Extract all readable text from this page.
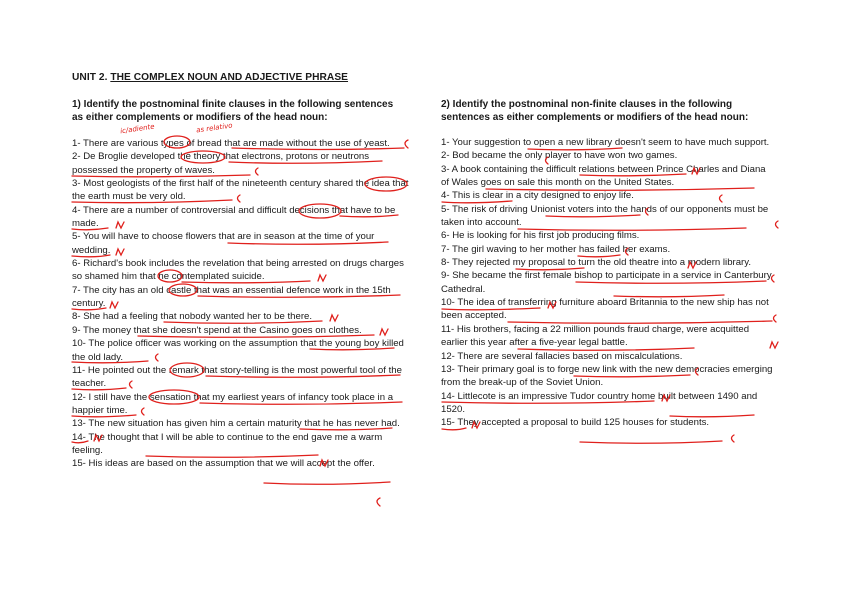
UNIT 2. THE COMPLEX NOUN AND ADJECTIVE PHRASE

1) Identify the postnominal finite clauses in the following sentences
as either complements or modifiers of the head noun:

1- There are various types of bread that are made without the use of yeast.

2- De Broglie developed the theory that electrons, protons or neutrons possessed the property of waves.

3- Most geologists of the first half of the nineteenth century shared the idea that the earth must be very old.

4- There are a number of controversial and difficult decisions that have to be made.

5- You will have to choose flowers that are in season at the time of your wedding.

6- Richard's book includes the revelation that being arrested on drugs charges so shamed him that he contemplated suicide.

7- The city has an old castle that was an essential defence work in the 15th century.

8- She had a feeling that nobody wanted her to be there.

9- The money that she doesn't spend at the Casino goes on clothes.

10- The police officer was working on the assumption that the young boy killed the old lady.

11- He pointed out the remark that story-telling is the most powerful tool of the teacher.

12- I still have the sensation that my earliest years of infancy took place in a happier time.

13- The new situation has given him a certain maturity that he has never had.

14- The thought that I will be able to continue to the end gave me a warm feeling.

15- His ideas are based on the assumption that we will accept the offer.

2) Identify the postnominal non-finite clauses in the following
sentences as either complements or modifiers of the head noun:

1- Your suggestion to open a new library doesn't seem to have much support.

2- Bod became the only player to have won two games.

3- A book containing the difficult relations between Prince Charles and Diana of Wales goes on sale this month on the United States.

4- This is clear in a city designed to enjoy life.

5- The risk of driving Unionist voters into the hands of our opponents must be taken into account.

6- He is looking for his first job producing films.

7- The girl waving to her mother has failed her exams.

8- They rejected my proposal to turn the old theatre into a modern library.

9- She became the first female bishop to participate in a service in Canterbury Cathedral.

10- The idea of transferring furniture aboard Britannia to the new ship has not been accepted.

11- His brothers, facing a 22 million pounds fraud charge, were acquitted earlier this year after a five-year legal battle.

12- There are several fallacies based on miscalculations.

13- Their primary goal is to forge new link with the new democracies emerging from the break-up of the Soviet Union.

14- Littlecote is an impressive Tudor country home built between 1490 and 1520.

15- They accepted a proposal to build 125 houses for students.

ic/adiente	as relativo
